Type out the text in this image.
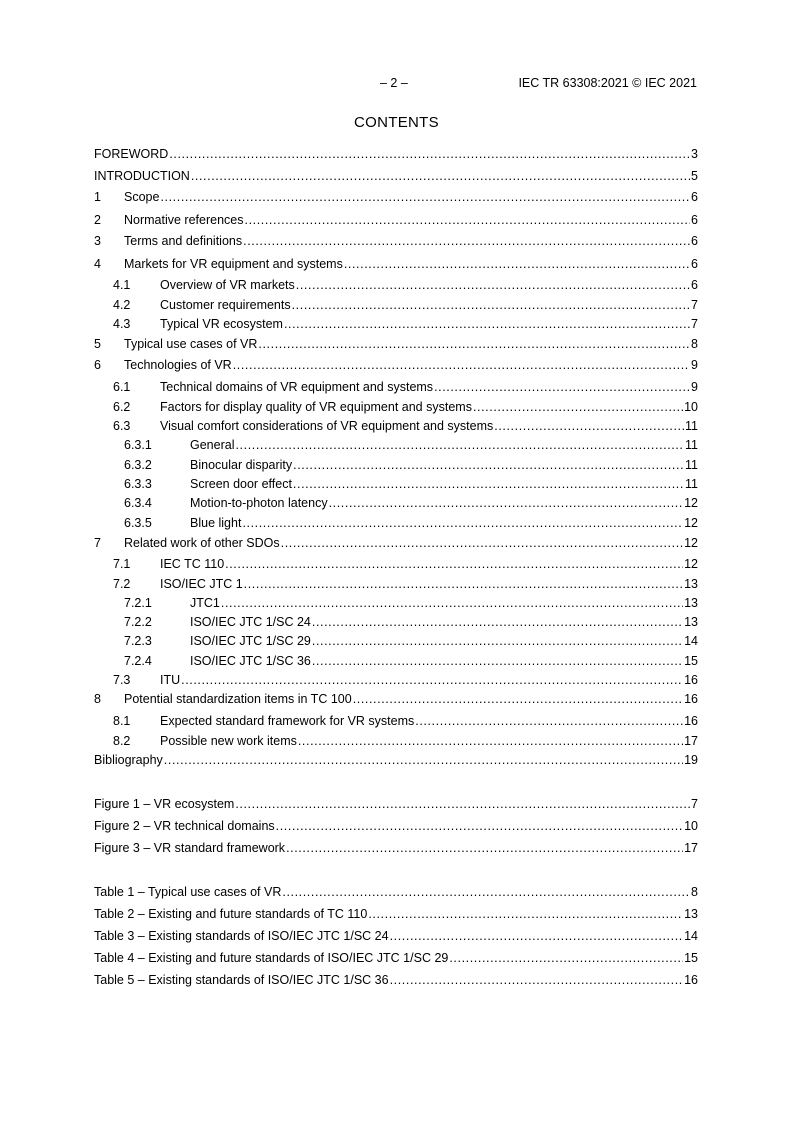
– 2 –	IEC TR 63308:2021 © IEC 2021
CONTENTS
FOREWORD .....	3
INTRODUCTION .....	5
1	Scope .....	6
2	Normative references .....	6
3	Terms and definitions .....	6
4	Markets for VR equipment and systems .....	6
4.1	Overview of VR markets .....	6
4.2	Customer requirements .....	7
4.3	Typical VR ecosystem .....	7
5	Typical use cases of VR .....	8
6	Technologies of VR .....	9
6.1	Technical domains of VR equipment and systems .....	9
6.2	Factors for display quality of VR equipment and systems .....	10
6.3	Visual comfort considerations of VR equipment and systems .....	11
6.3.1	General .....	11
6.3.2	Binocular disparity .....	11
6.3.3	Screen door effect .....	11
6.3.4	Motion-to-photon latency .....	12
6.3.5	Blue light .....	12
7	Related work of other SDOs .....	12
7.1	IEC TC 110 .....	12
7.2	ISO/IEC JTC 1 .....	13
7.2.1	JTC1 .....	13
7.2.2	ISO/IEC JTC 1/SC 24 .....	13
7.2.3	ISO/IEC JTC 1/SC 29 .....	14
7.2.4	ISO/IEC JTC 1/SC 36 .....	15
7.3	ITU .....	16
8	Potential standardization items in TC 100 .....	16
8.1	Expected standard framework for VR systems .....	16
8.2	Possible new work items .....	17
Bibliography .....	19
Figure 1 – VR ecosystem .....	7
Figure 2 – VR technical domains .....	10
Figure 3 – VR standard framework .....	17
Table 1 – Typical use cases of VR .....	8
Table 2 – Existing and future standards of TC 110 .....	13
Table 3 – Existing standards of ISO/IEC JTC 1/SC 24 .....	14
Table 4 – Existing and future standards of ISO/IEC JTC 1/SC 29 .....	15
Table 5 – Existing standards of ISO/IEC JTC 1/SC 36 .....	16
